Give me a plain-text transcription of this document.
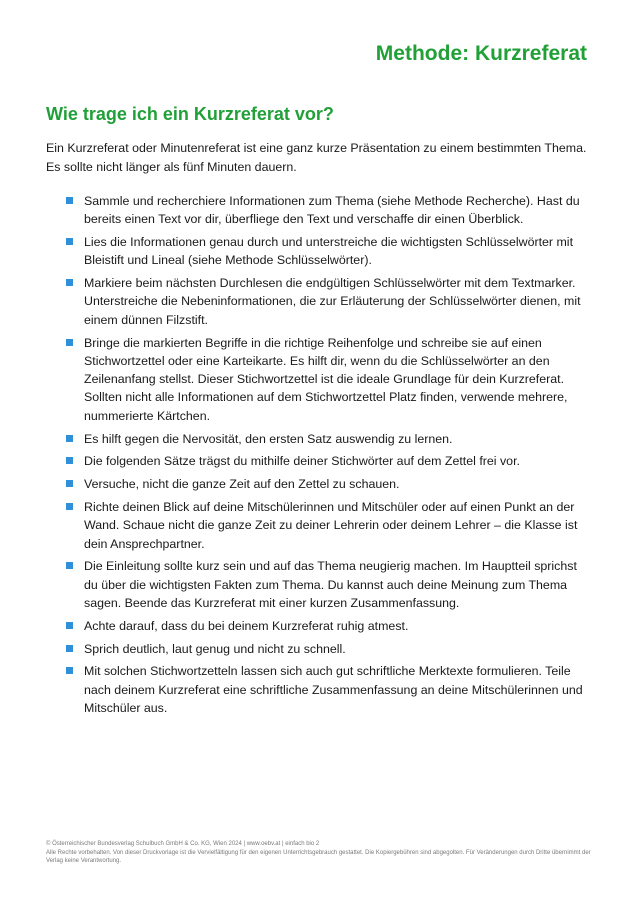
Methode: Kurzreferat
Wie trage ich ein Kurzreferat vor?

Ein Kurzreferat oder Minutenreferat ist eine ganz kurze Präsentation zu einem bestimmten Thema. Es sollte nicht länger als fünf Minuten dauern.

Sammle und recherchiere Informationen zum Thema (siehe Methode Recherche). Hast du bereits einen Text vor dir, überfliege den Text und verschaffe dir einen Überblick.
Lies die Informationen genau durch und unterstreiche die wichtigsten Schlüsselwörter mit Bleistift und Lineal (siehe Methode Schlüsselwörter).
Markiere beim nächsten Durchlesen die endgültigen Schlüsselwörter mit dem Textmarker. Unterstreiche die Nebeninformationen, die zur Erläuterung der Schlüsselwörter dienen, mit einem dünnen Filzstift.
Bringe die markierten Begriffe in die richtige Reihenfolge und schreibe sie auf einen Stichwortzettel oder eine Karteikarte. Es hilft dir, wenn du die Schlüsselwörter an den Zeilenanfang stellst. Dieser Stichwortzettel ist die ideale Grundlage für dein Kurzreferat. Sollten nicht alle Informationen auf dem Stichwortzettel Platz finden, verwende mehrere, nummerierte Kärtchen.
Es hilft gegen die Nervosität, den ersten Satz auswendig zu lernen.
Die folgenden Sätze trägst du mithilfe deiner Stichwörter auf dem Zettel frei vor.
Versuche, nicht die ganze Zeit auf den Zettel zu schauen.
Richte deinen Blick auf deine Mitschülerinnen und Mitschüler oder auf einen Punkt an der Wand. Schaue nicht die ganze Zeit zu deiner Lehrerin oder deinem Lehrer – die Klasse ist dein Ansprechpartner.
Die Einleitung sollte kurz sein und auf das Thema neugierig machen. Im Hauptteil sprichst du über die wichtigsten Fakten zum Thema. Du kannst auch deine Meinung zum Thema sagen. Beende das Kurzreferat mit einer kurzen Zusammenfassung.
Achte darauf, dass du bei deinem Kurzreferat ruhig atmest.
Sprich deutlich, laut genug und nicht zu schnell.
Mit solchen Stichwortzetteln lassen sich auch gut schriftliche Merktexte formulieren. Teile nach deinem Kurzreferat eine schriftliche Zusammenfassung an deine Mitschülerinnen und Mitschüler aus.
© Österreichischer Bundesverlag Schulbuch GmbH & Co. KG, Wien 2024 | www.oebv.at | einfach bio 2
Alle Rechte vorbehalten. Von dieser Druckvorlage ist die Vervielfältigung für den eigenen Unterrichtsgebrauch gestattet. Die Kopiergebühren sind abgegolten. Für Veränderungen durch Dritte übernimmt der Verlag keine Verantwortung.
